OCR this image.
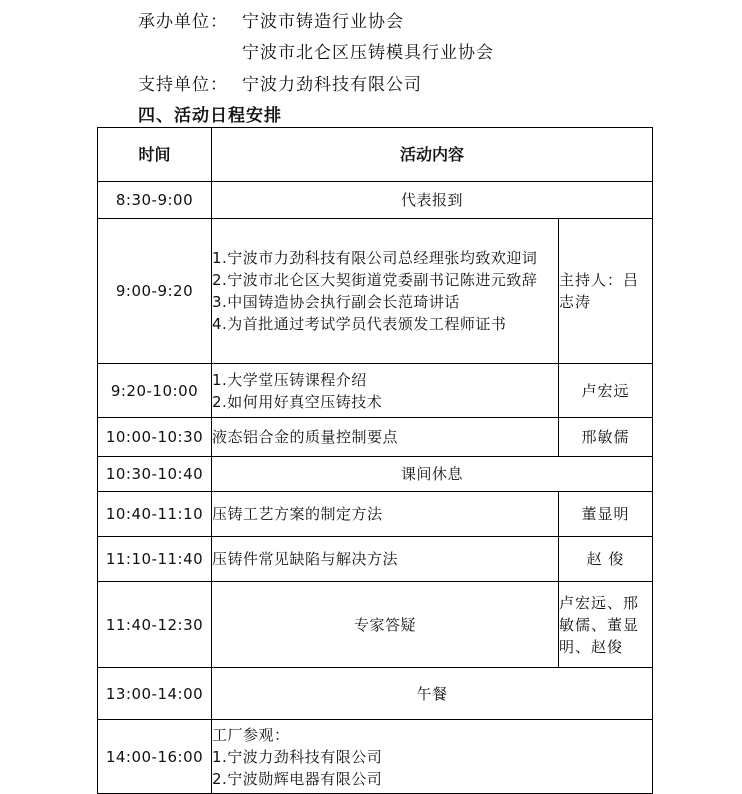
承办单位： 宁波市铸造行业协会
宁波市北仑区压铸模具行业协会
支持单位： 宁波力劲科技有限公司
四、活动日程安排
时间	活动内容	
8:30-9:00	代表报到	
9:00-9:20	1.宁波市力劲科技有限公司总经理张均致欢迎词
2.宁波市北仑区大契街道党委副书记陈进元致辞
3.中国铸造协会执行副会长范琦讲话
4.为首批通过考试学员代表颁发工程师证书	主持人：吕志涛
9:20-10:00	1.大学堂压铸课程介绍
2.如何用好真空压铸技术	卢宏远
10:00-10:30	液态铝合金的质量控制要点	邢敏儒
10:30-10:40	课间休息	
10:40-11:10	压铸工艺方案的制定方法	董显明
11:10-11:40	压铸件常见缺陷与解决方法	赵 俊
11:40-12:30	专家答疑	卢宏远、邢敏儒、董显明、赵俊
13:00-14:00	午餐	
14:00-16:00	工厂参观：
1.宁波力劲科技有限公司
2.宁波勋辉电器有限公司	
